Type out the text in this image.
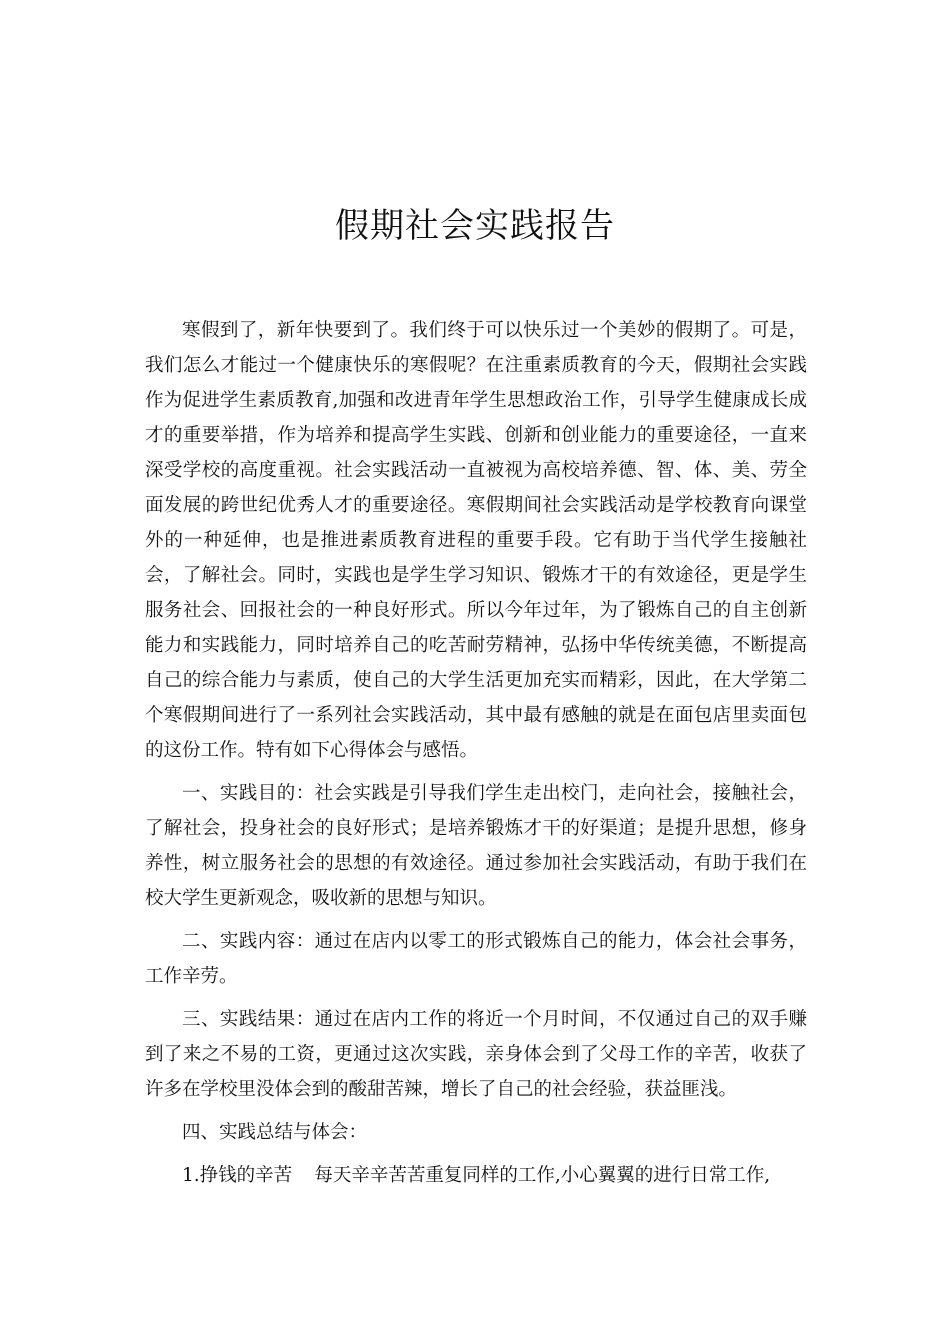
假期社会实践报告

寒假到了，新年快要到了。我们终于可以快乐过一个美妙的假期了。可是，我们怎么才能过一个健康快乐的寒假呢？在注重素质教育的今天，假期社会实践作为促进学生素质教育,加强和改进青年学生思想政治工作，引导学生健康成长成才的重要举措，作为培养和提高学生实践、创新和创业能力的重要途径，一直来深受学校的高度重视。社会实践活动一直被视为高校培养德、智、体、美、劳全面发展的跨世纪优秀人才的重要途径。寒假期间社会实践活动是学校教育向课堂外的一种延伸，也是推进素质教育进程的重要手段。它有助于当代学生接触社会，了解社会。同时，实践也是学生学习知识、锻炼才干的有效途径，更是学生服务社会、回报社会的一种良好形式。所以今年过年，为了锻炼自己的自主创新能力和实践能力，同时培养自己的吃苦耐劳精神，弘扬中华传统美德，不断提高自己的综合能力与素质，使自己的大学生活更加充实而精彩，因此，在大学第二个寒假期间进行了一系列社会实践活动，其中最有感触的就是在面包店里卖面包的这份工作。特有如下心得体会与感悟。

一、实践目的：社会实践是引导我们学生走出校门，走向社会，接触社会，了解社会，投身社会的良好形式；是培养锻炼才干的好渠道；是提升思想，修身养性，树立服务社会的思想的有效途径。通过参加社会实践活动，有助于我们在校大学生更新观念，吸收新的思想与知识。

二、实践内容：通过在店内以零工的形式锻炼自己的能力，体会社会事务，工作辛劳。

三、实践结果：通过在店内工作的将近一个月时间，不仅通过自己的双手赚到了来之不易的工资，更通过这次实践，亲身体会到了父母工作的辛苦，收获了许多在学校里没体会到的酸甜苦辣，增长了自己的社会经验，获益匪浅。

四、实践总结与体会：

1.挣钱的辛苦 每天辛辛苦苦重复同样的工作,小心翼翼的进行日常工作,
